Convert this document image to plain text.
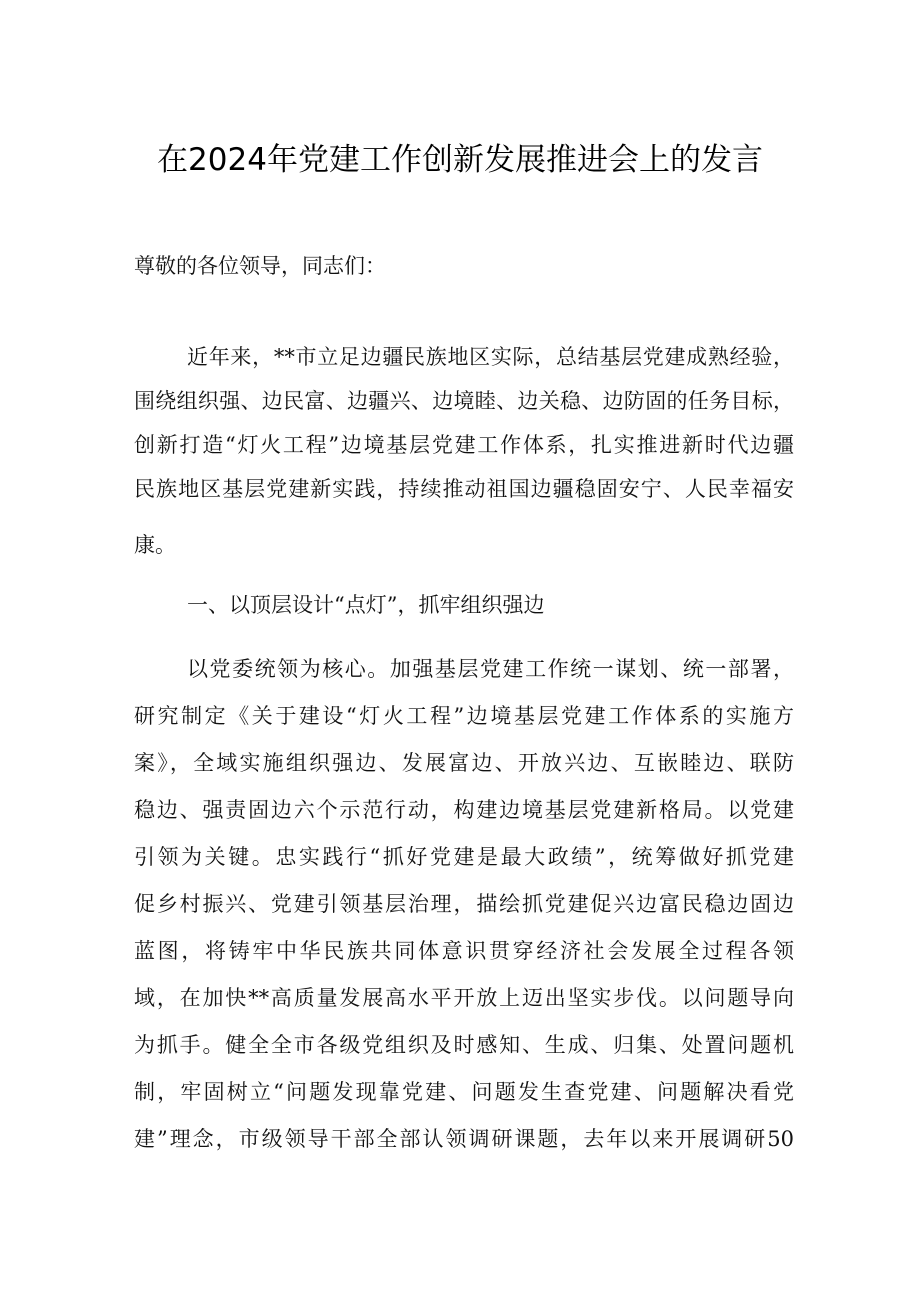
在2024年党建工作创新发展推进会上的发言
尊敬的各位领导，同志们：
近年来，**市立足边疆民族地区实际，总结基层党建成熟经验，
围绕组织强、边民富、边疆兴、边境睦、边关稳、边防固的任务目标，
创新打造“灯火工程”边境基层党建工作体系，扎实推进新时代边疆
民族地区基层党建新实践，持续推动祖国边疆稳固安宁、人民幸福安
康。
一、以顶层设计“点灯”，抓牢组织强边
以党委统领为核心。加强基层党建工作统一谋划、统一部署，
研究制定《关于建设“灯火工程”边境基层党建工作体系的实施方
案》，全域实施组织强边、发展富边、开放兴边、互嵌睦边、联防
稳边、强责固边六个示范行动，构建边境基层党建新格局。以党建
引领为关键。忠实践行“抓好党建是最大政绩”，统筹做好抓党建
促乡村振兴、党建引领基层治理，描绘抓党建促兴边富民稳边固边
蓝图，将铸牢中华民族共同体意识贯穿经济社会发展全过程各领
域，在加快**高质量发展高水平开放上迈出坚实步伐。以问题导向
为抓手。健全全市各级党组织及时感知、生成、归集、处置问题机
制，牢固树立“问题发现靠党建、问题发生查党建、问题解决看党
建”理念，市级领导干部全部认领调研课题，去年以来开展调研50
